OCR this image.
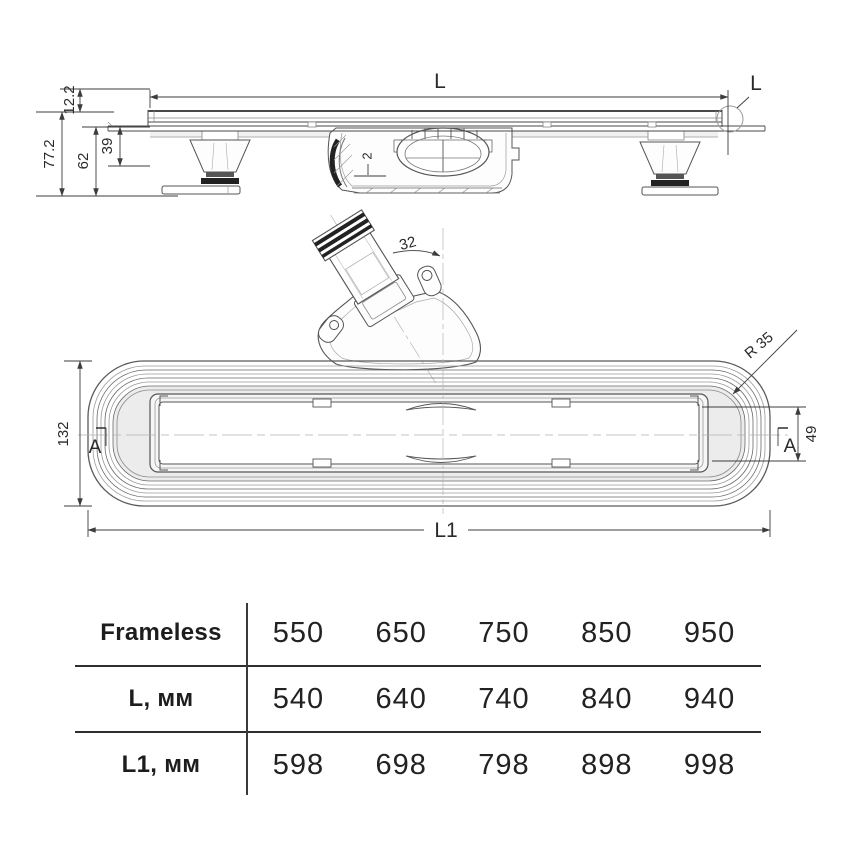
12.2
77.2 62
39
L	L
2
32
132	49
R 35
L1
A	A
Frameless	550	650	750	850	950
L, мм	540	640	740	840	940
L1, мм	598	698	798	898	998
